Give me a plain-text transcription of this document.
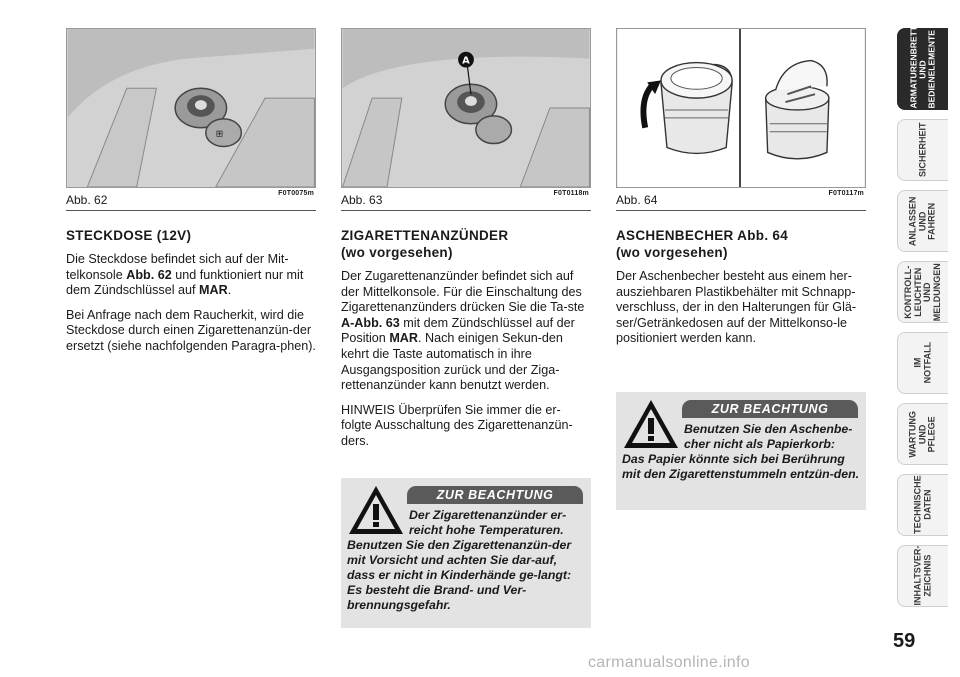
⊞
Abb. 62	F0T0075m
STECKDOSE (12V)

Die Steckdose befindet sich auf der Mit-telkonsole Abb. 62 und funktioniert nur mit dem Zündschlüssel auf MAR.

Bei Anfrage nach dem Raucherkit, wird die Steckdose durch einen Zigarettenanzün-der ersetzt (siehe nachfolgenden Paragra-phen).

A
Abb. 63	F0T0118m
ZIGARETTENANZÜNDER
(wo vorgesehen)

Der Zugarettenanzünder befindet sich auf der Mittelkonsole. Für die Einschaltung des Zigarettenanzünders drücken Sie die Ta-ste A-Abb. 63 mit dem Zündschlüssel auf der Position MAR. Nach einigen Sekun-den kehrt die Taste automatisch in ihre Ausgangsposition zurück und der Ziga-rettenanzünder kann benutzt werden.

HINWEIS Überprüfen Sie immer die er-folgte Ausschaltung des Zigarettenanzün-ders.

ZUR BEACHTUNG
Der Zigarettenanzünder er-reicht hohe Temperaturen.
Benutzen Sie den Zigarettenanzün-der mit Vorsicht und achten Sie dar-auf, dass er nicht in Kinderhände ge-langt: Es besteht die Brand- und Ver-brennungsgefahr.
Abb. 64	F0T0117m
ASCHENBECHER Abb. 64
(wo vorgesehen)

Der Aschenbecher besteht aus einem her-ausziehbaren Plastikbehälter mit Schnapp-verschluss, der in den Halterungen für Glä-ser/Getränkedosen auf der Mittelkonso-le positioniert werden kann.

ZUR BEACHTUNG
Benutzen Sie den Aschenbe-cher nicht als Papierkorb:
Das Papier könnte sich bei Berührung mit den Zigarettenstummeln entzün-den.
ARMATURENBRETT
UND
BEDIENELEMENTE
SICHERHEIT
ANLASSEN
UND FAHREN
KONTROLL-
LEUCHTEN UND
MELDUNGEN
IM NOTFALL
WARTUNG
UND PFLEGE
TECHNISCHE
DATEN
INHALTSVER-
ZEICHNIS
59
carmanualsonline.info
